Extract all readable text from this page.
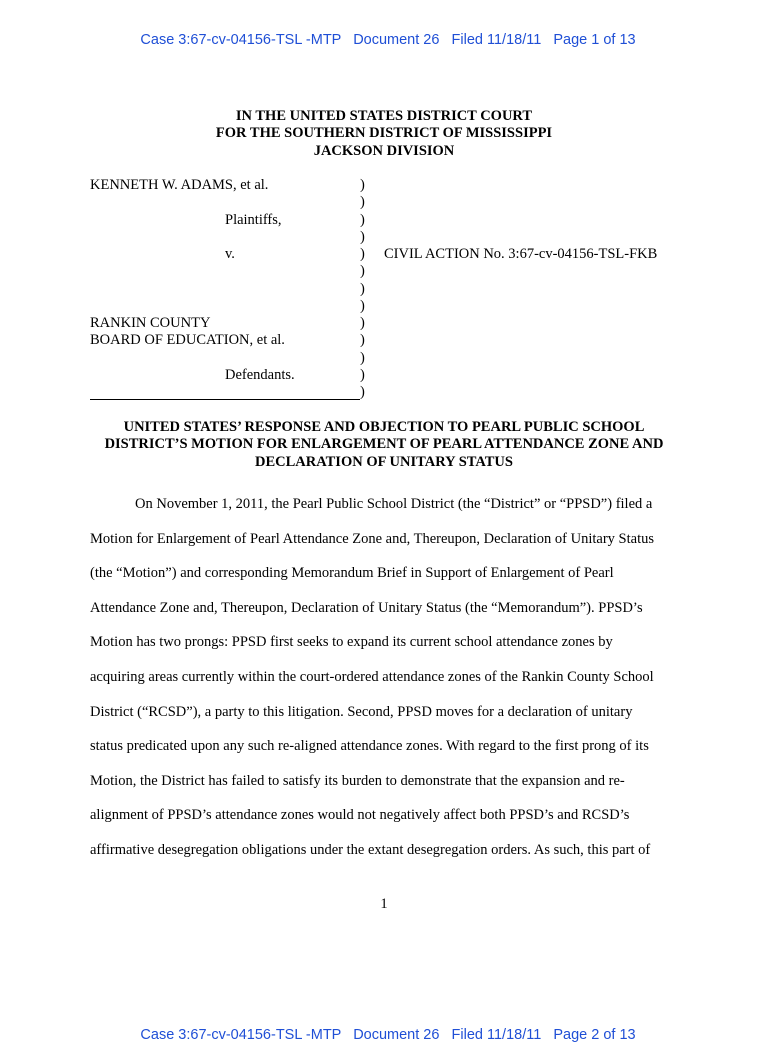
Case 3:67-cv-04156-TSL -MTP Document 26 Filed 11/18/11 Page 1 of 13

IN THE UNITED STATES DISTRICT COURT
FOR THE SOUTHERN DISTRICT OF MISSISSIPPI
JACKSON DIVISION
KENNETH W. ADAMS, et al.
Plaintiffs,
v.	CIVIL ACTION No. 3:67-cv-04156-TSL-FKB
RANKIN COUNTY
BOARD OF EDUCATION, et al.
Defendants.
)
)
)
)
)
)
)
)
)
)
)
)
)
UNITED STATES’ RESPONSE AND OBJECTION TO PEARL PUBLIC SCHOOL
DISTRICT’S MOTION FOR ENLARGEMENT OF PEARL ATTENDANCE ZONE AND
DECLARATION OF UNITARY STATUS
On November 1, 2011, the Pearl Public School District (the “District” or “PPSD”) filed a
Motion for Enlargement of Pearl Attendance Zone and, Thereupon, Declaration of Unitary Status
(the “Motion”) and corresponding Memorandum Brief in Support of Enlargement of Pearl
Attendance Zone and, Thereupon, Declaration of Unitary Status (the “Memorandum”). PPSD’s
Motion has two prongs: PPSD first seeks to expand its current school attendance zones by
acquiring areas currently within the court-ordered attendance zones of the Rankin County School
District (“RCSD”), a party to this litigation. Second, PPSD moves for a declaration of unitary
status predicated upon any such re-aligned attendance zones. With regard to the first prong of its
Motion, the District has failed to satisfy its burden to demonstrate that the expansion and re-
alignment of PPSD’s attendance zones would not negatively affect both PPSD’s and RCSD’s
affirmative desegregation obligations under the extant desegregation orders. As such, this part of
1

Case 3:67-cv-04156-TSL -MTP Document 26 Filed 11/18/11 Page 2 of 13
